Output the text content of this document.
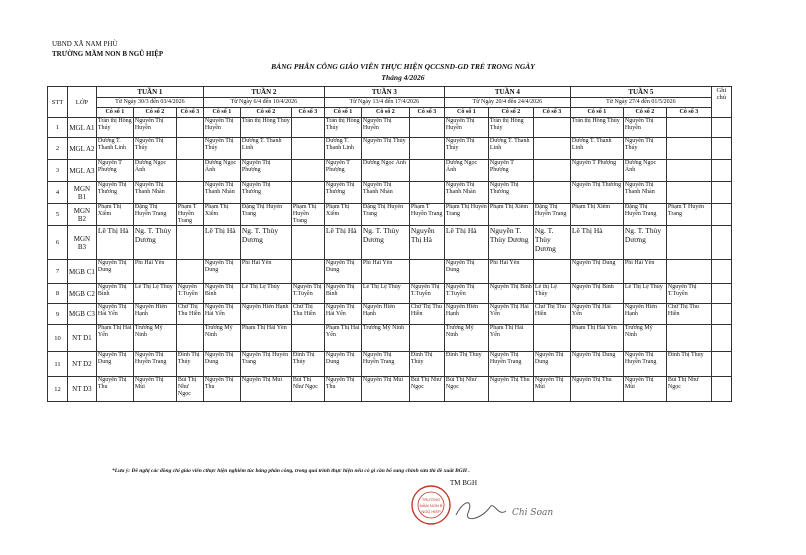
UBND XÃ NAM PHÙ
TRƯỜNG MẦM NON B NGŨ HIỆP
BẢNG PHÂN CÔNG GIÁO VIÊN THỰC HIỆN QCCSND-GD TRẺ TRONG NGÀY
Tháng 4/2026
STT	LỚP	TUẦN 1			TUẦN 2			TUẦN 3			TUẦN 4			TUẦN 5			Ghi chú
		Từ Ngày 30/3 đến 03/4/2026			Từ Ngày 6/4 đến 10/4/2026			Từ Ngày 13/4 đến 17/4/2026			Từ Ngày 20/4 đến 24/4/2026			Từ Ngày 27/4 đến 01/5/2026			
		Cô số 1	Cô số 2	Cô số 3	Cô số 1	Cô số 2	Cô số 3	Cô số 1	Cô số 2	Cô số 3	Cô số 1	Cô số 2	Cô số 3	Cô số 1	Cô số 2	Cô số 3	
1	MGL A1	Trần thị Hồng Thúy	Nguyễn Thị Huyền		Nguyễn Thị Huyền	Trần thị Hồng Thúy		Trần thị Hồng Thúy	Nguyễn Thị Huyền		Nguyễn Thị Huyền	Trần thị Hồng Thúy		Trần thị Hồng Thúy	Nguyễn Thị Huyền		
2	MGL A2	Dương T. Thanh Linh	Nguyễn Thị Thúy		Nguyễn Thị Thúy	Dương T. Thanh Linh		Dương T. Thanh Linh	Nguyễn Thị Thúy		Nguyễn Thị Thúy	Dương T. Thanh Linh		Dương T. Thanh Linh	Nguyễn Thị Thúy		
3	MGL A3	Nguyễn T Phượng	Dương Ngọc Ánh		Dương Ngọc Ánh	Nguyễn Thị Phượng		Nguyễn T Phượng	Dương Ngọc Ánh		Dương Ngọc Ánh	Nguyễn T Phượng		Nguyễn T Phượng	Dương Ngọc Ánh		
4	MGN B1	Nguyễn Thị Thương	Nguyễn Thị Thanh Nhàn		Nguyễn Thị Thanh Nhàn	Nguyễn Thị Thương		Nguyễn Thị Thương	Nguyễn Thị Thanh Nhàn		Nguyễn Thị Thanh Nhàn	Nguyễn Thị Thương		Nguyễn Thị Thương	Nguyễn Thị Thanh Nhàn		
5	MGN B2	Phạm Thị Xiêm	Đặng Thị Huyền Trang	Phạm T Huyền Trang	Phạm Thị Xiêm	Đặng Thị Huyền Trang	Phạm Thị Huyền Trang	Phạm Thị Xiêm	Đặng Thị Huyền Trang	Phạm T Huyền Trang	Phạm Thị Huyền Trang	Phạm Thị Xiêm	Đặng Thị Huyền Trang	Phạm Thị Xiêm	Đặng Thị Huyền Trang	Phạm T Huyền Trang	
6	MGN B3	Lê Thị Hà	Ng. T. Thùy Dương		Lê Thị Hà	Ng. T. Thùy Dương		Lê Thị Hà	Ng. T. Thùy Dương	Nguyễn Thị Hà	Lê Thị Hà	Nguyễn T. Thùy Dương	Ng. T. Thùy Dương	Lê Thị Hà	Ng. T. Thùy Dương		
7	MGB C1	Nguyễn Thị Dung	Phí Hải Yến		Nguyễn Thị Dung	Phí Hải Yến		Nguyễn Thị Dung	Phí Hải Yến		Nguyễn Thị Dung	Phí Hải Yến		Nguyễn Thị Dung	Phí Hải Yến		
8	MGB C2	Nguyễn Thị Bình	Lê Thị Lệ Thủy	Nguyễn T.Tuyền	Nguyễn Thị Bình	Lê Thị Lệ Thủy	Nguyễn Thị T.Tuyền	Nguyễn Thị Bình	Lê Thị Lệ Thủy	Nguyễn Thị T.Tuyền	Nguyễn Thị T.Tuyền	Nguyễn Thị Bình	Lê thị Lệ Thủy	Nguyễn Thị Bình	Lê Thị Lệ Thủy	Nguyễn Thị T.Tuyền	
9	MGB C3	Nguyễn Thị Hải Yến	Nguyễn Hiền Hạnh	Chử Thị Thu Hiền	Nguyễn Thị Hải Yến	Nguyễn Hiền Hạnh	Chử Thị Thu Hiền	Nguyễn Thị Hải Yến	Nguyễn Hiền Hạnh	Chử Thị Thu Hiền	Nguyễn Hiền Hạnh	Nguyễn Thị Hải Yến	Chử Thị Thu Hiền	Nguyễn Thị Hải Yến	Nguyễn Hiền Hạnh	Chử Thị Thu Hiền	
10	NT D1	Phạm Thị Hải Yến	Trương Mỹ Ninh		Trương Mỹ Ninh	Phạm Thị Hải Yến		Phạm Thị Hải Yến	Trương Mỹ Ninh		Trương Mỹ Ninh	Phạm Thị Hải Yến		Phạm Thị Hải Yến	Trương Mỹ Ninh		
11	NT D2	Nguyễn Thị Dung	Nguyễn Thị Huyền Trang	Đinh Thị Thủy	Nguyễn Thị Dung	Nguyễn Thị Huyền Trang	Đinh Thị Thủy	Nguyễn Thị Dung	Nguyễn Thị Huyền Trang	Đinh Thị Thủy	Đinh Thị Thủy	Nguyễn Thị Huyền Trang	Nguyễn Thị Dung	Nguyễn Thị Dung	Nguyễn Thị Huyền Trang	Đinh Thị Thủy	
12	NT D3	Nguyễn Thị Thu	Nguyễn Thị Mùi	Bùi Thị Như Ngọc	Nguyễn Thị Thu	Nguyễn Thị Mùi	Bùi Thị Như Ngọc	Nguyễn Thị Thu	Nguyễn Thị Mùi	Bùi Thị Như Ngọc	Bùi Thị Như Ngọc	Nguyễn Thị Thu	Nguyễn Thị Mùi	Nguyễn Thị Thu	Nguyễn Thị Mùi	Bùi Thị Như Ngọc	
*Lưu ý: Đề nghị các đồng chí giáo viên cthực hiện nghiêm túc bảng phân công, trong quá trình thực hiện nếu có gì cần bổ sung chỉnh sửa thì đề xuất BGH .
TRƯỜNG
MẦM NON B
NGŨ HIỆP
TM BGH
Chi Soan
